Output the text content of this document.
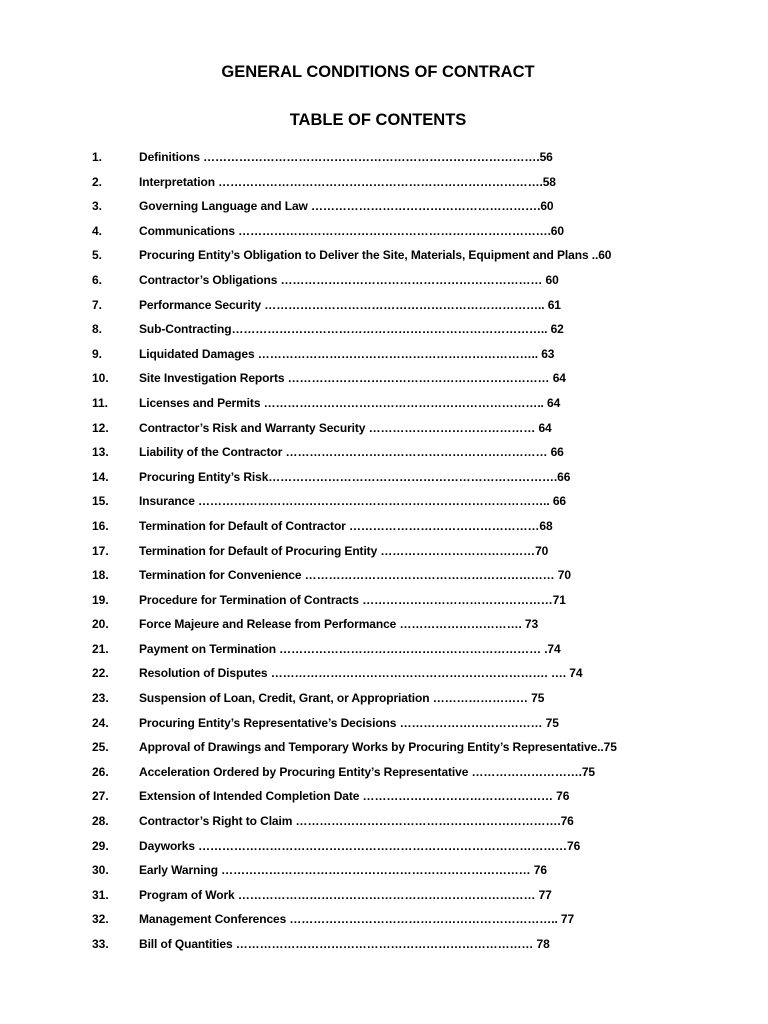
GENERAL CONDITIONS OF CONTRACT
TABLE OF CONTENTS
1.	Definitions ………………………………………………………………………….56
2.	Interpretation ……………………………………………………………………….58
3.	Governing Language and Law ………………………………………………….60
4.	Communications …………………………………………………………………….60
5.	Procuring Entity’s Obligation to Deliver the Site, Materials, Equipment and Plans ..60
6.	Contractor’s Obligations ………………………………………………………… 60
7.	Performance Security …………………………………………………………….. 61
8.	Sub-Contracting…………………………………………………………………….. 62
9.	Liquidated Damages …………………………………………………………….. 63
10.	Site Investigation Reports ………………………………………………………… 64
11.	Licenses and Permits …………………………………………………………….. 64
12.	Contractor’s Risk and Warranty Security …………………………………… 64
13.	Liability of the Contractor ………………………………………………………… 66
14.	Procuring Entity’s Risk……………………………………………………………….66
15.	Insurance …………………………………………………………………………….. 66
16.	Termination for Default of Contractor …………………………………………68
17.	Termination for Default of Procuring Entity …………………………………70
18.	Termination for Convenience ……………………………………………………… 70
19.	Procedure for Termination of Contracts …………………………………………71
20.	Force Majeure and Release from Performance …………………………. 73
21.	Payment on Termination ………………………………………………………… .74
22.	Resolution of Disputes ……………………………………………………………. …. 74
23.	Suspension of Loan, Credit, Grant, or Appropriation …………………… 75
24.	Procuring Entity’s Representative’s Decisions ……………………………… 75
25.	Approval of Drawings and Temporary Works by Procuring Entity’s Representative..75
26.	Acceleration Ordered by Procuring Entity’s Representative ……………………….75
27.	Extension of Intended Completion Date ………………………………………… 76
28.	Contractor’s Right to Claim ………………………………………………………….76
29.	Dayworks …………………………………………………………………………………76
30.	Early Warning …………………………………………………………………… 76
31.	Program of Work ………………………………………………………………… 77
32.	Management Conferences ………………………………………………………….. 77
33.	Bill of Quantities ………………………………………………………………… 78
